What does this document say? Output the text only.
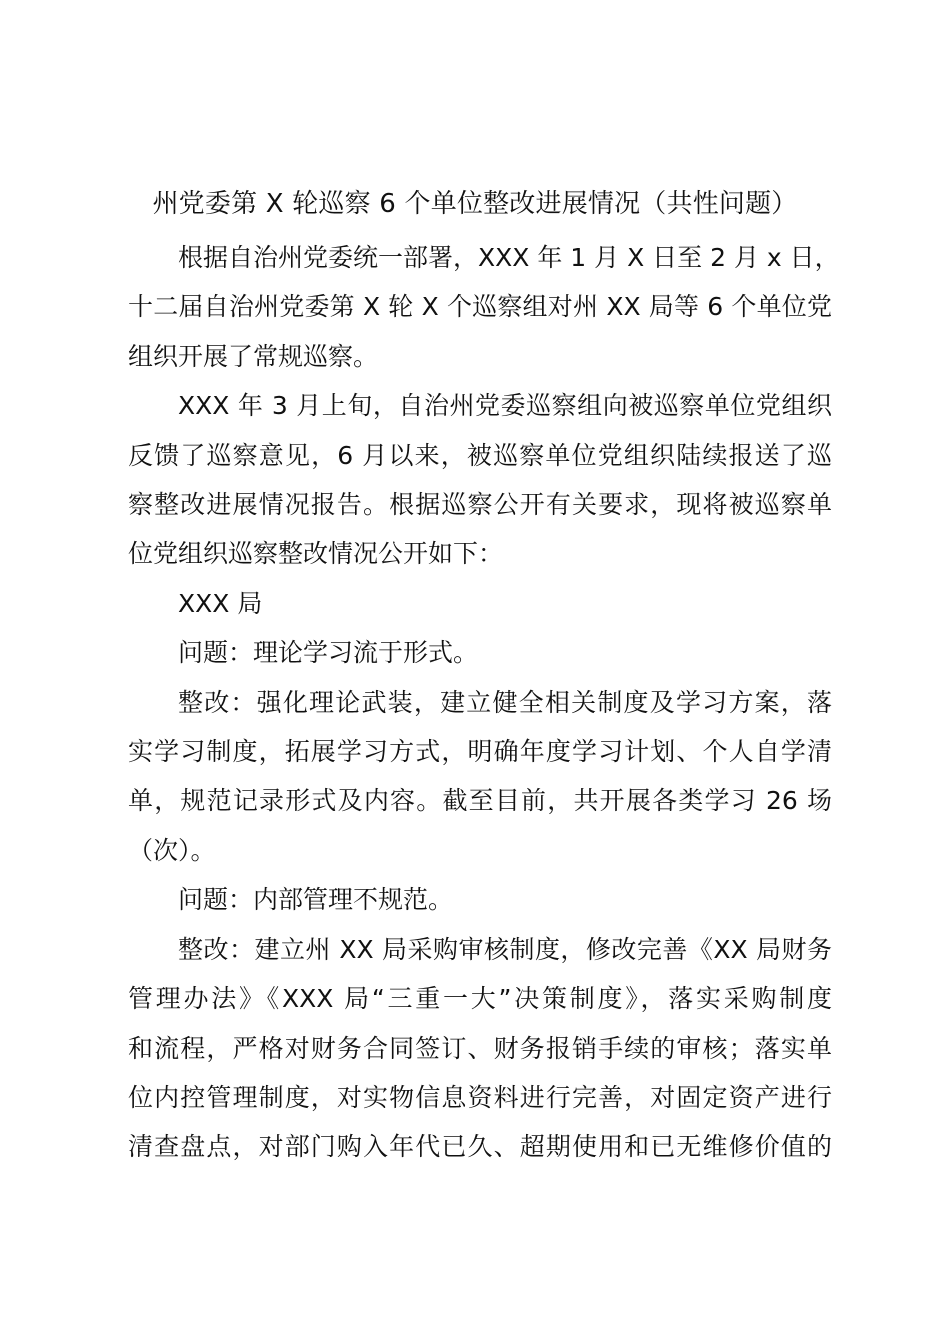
州党委第 X 轮巡察 6 个单位整改进展情况（共性问题）

根据自治州党委统一部署，XXX 年 1 月 X 日至 2 月 x 日，
十二届自治州党委第 X 轮 X 个巡察组对州 XX 局等 6 个单位党
组织开展了常规巡察。

XXX 年 3 月上旬，自治州党委巡察组向被巡察单位党组织
反馈了巡察意见，6 月以来，被巡察单位党组织陆续报送了巡
察整改进展情况报告。根据巡察公开有关要求，现将被巡察单
位党组织巡察整改情况公开如下：

XXX 局

问题：理论学习流于形式。

整改：强化理论武装，建立健全相关制度及学习方案，落
实学习制度，拓展学习方式，明确年度学习计划、个人自学清
单，规范记录形式及内容。截至目前，共开展各类学习 26 场
（次）。

问题：内部管理不规范。

整改：建立州 XX 局采购审核制度，修改完善《XX 局财务
管理办法》《XXX 局“三重一大”决策制度》，落实采购制度
和流程，严格对财务合同签订、财务报销手续的审核；落实单
位内控管理制度，对实物信息资料进行完善，对固定资产进行
清查盘点，对部门购入年代已久、超期使用和已无维修价值的
